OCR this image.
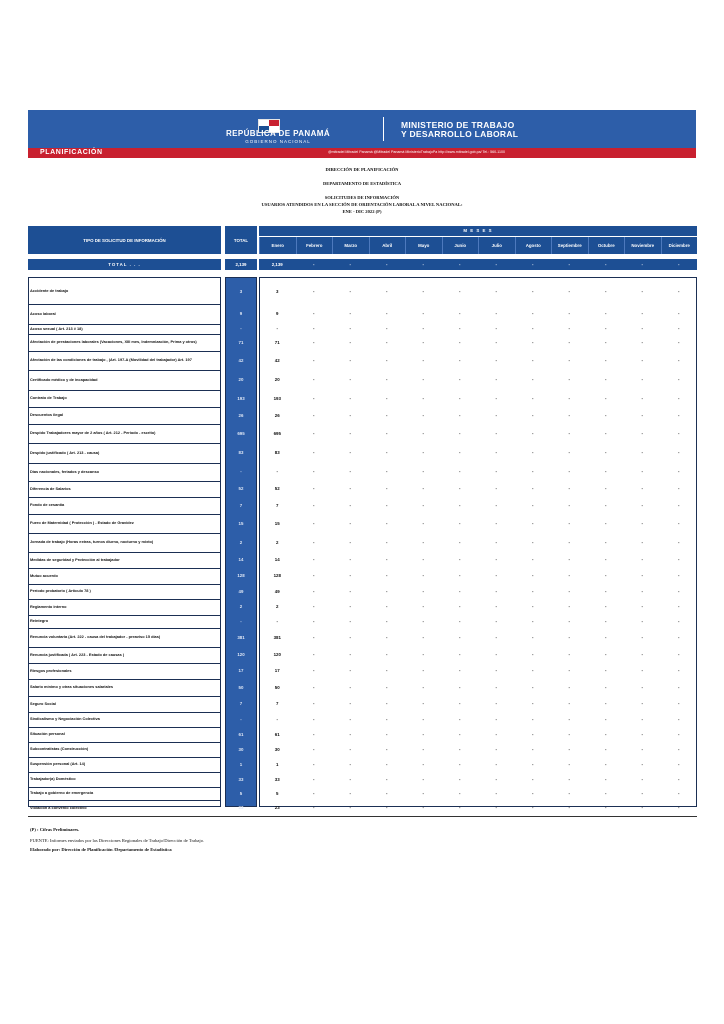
REPÚBLICA DE PANAMÁ
GOBIERNO NACIONAL
MINISTERIO DE TRABAJO
Y DESARROLLO LABORAL
PLANIFICACIÓN	@mitradel Mitradel Panamá @Mitradel Panamá MinisterioTrabajoPa http://www.mitradel.gob.pa/ Tel.: 560-1100
DIRECCIÓN DE PLANIFICACIÓN
DEPARTAMENTO DE ESTADÍSTICA
SOLICITUDES DE INFORMACIÓN
USUARIOS ATENDIDOS EN LA SECCIÓN DE ORIENTACIÓN LABORAL A NIVEL NACIONAL:
ENE - DIC 2022 (P)
TIPO DE SOLICITUD DE INFORMACIÓN	TOTAL
M E S E S
Enero	Febrero	Marzo	Abril	Mayo	Junio	Julio	Agosto	Septiembre	Octubre	Noviembre	Diciembre
TOTAL . . .	2,139	2,139	-	-	-	-	-	-	-	-	-	-	-
Accidente de trabajo	3	3	-	-	-	-	-	-	-	-	-	-	-
Acoso laboral	9	9	-	-	-	-	-	-	-	-	-	-	-
Acoso sexual ( Art. 213 # 18)	-	-	-	-	-	-	-	-	-	-	-	-	-
Afectación de prestaciones laborales (Vacaciones, XIII mes, Indemnización, Prima y otros)	71	71	-	-	-	-	-	-	-	-	-	-	-
Afectación de las condiciones de trabajo , (Art. 197-A (Movilidad del trabajador) Art. 197	42	42	-	-	-	-	-	-	-	-	-	-	-
Certificado médico y de incapacidad	20	20	-	-	-	-	-	-	-	-	-	-	-
Contrato de Trabajo	193	193	-	-	-	-	-	-	-	-	-	-	-
Descuentos ilegal	26	26	-	-	-	-	-	-	-	-	-	-	-
Despido Trabajadores mayor de 2 años ( Art. 212 - Periodo - escrito)	695	695	-	-	-	-	-	-	-	-	-	-	-
Despido justificado ( Art. 213 - causa)	83	83	-	-	-	-	-	-	-	-	-	-	-
Días nacionales, feriados y descanso	-	-	-	-	-	-	-	-	-	-	-	-	-
Diferencia de Salarios	52	52	-	-	-	-	-	-	-	-	-	-	-
Fondo de cesantía	7	7	-	-	-	-	-	-	-	-	-	-	-
Fuero de Maternidad ( Protección ) - Estado de Gravidez	15	15	-	-	-	-	-	-	-	-	-	-	-
Jornada de trabajo (Horas extras, turnos diurno, nocturno y mixto)	2	2	-	-	-	-	-	-	-	-	-	-	-
Medidas de seguridad y Protección al trabajador	14	14	-	-	-	-	-	-	-	-	-	-	-
Mutuo acuerdo	128	128	-	-	-	-	-	-	-	-	-	-	-
Período probatorio ( Artículo 78 )	49	49	-	-	-	-	-	-	-	-	-	-	-
Reglamento interno	2	2	-	-	-	-	-	-	-	-	-	-	-
Reintegro	-	-	-	-	-	-	-	-	-	-	-	-	-
Renuncia voluntaria (Art. 222 - causa del trabajador - preaviso 15 días)	381	381	-	-	-	-	-	-	-	-	-	-	-
Renuncia justificada ( Art. 223 - Estado de causas )	120	120	-	-	-	-	-	-	-	-	-	-	-
Riesgos profesionales	17	17	-	-	-	-	-	-	-	-	-	-	-
Salario mínimo y otras situaciones salariales	50	50	-	-	-	-	-	-	-	-	-	-	-
Seguro Social	7	7	-	-	-	-	-	-	-	-	-	-	-
Sindicalismo y Negociación Colectiva	-	-	-	-	-	-	-	-	-	-	-	-	-
Situación personal	61	61	-	-	-	-	-	-	-	-	-	-	-
Subcontratistas (Construcción)	30	30	-	-	-	-	-	-	-	-	-	-	-
Suspensión personal (Art. 14)	1	1	-	-	-	-	-	-	-	-	-	-	-
Trabajador(a) Doméstico	33	33	-	-	-	-	-	-	-	-	-	-	-
Trabajo a gobierno de emergencia	5	5	-	-	-	-	-	-	-	-	-	-	-
Violación a convenio colectivo	23	23	-	-	-	-	-	-	-	-	-	-	-
(P) : Cifras Preliminares.
FUENTE: Informes enviados por las Direcciones Regionales de Trabajo/Dirección de Trabajo.
Elaborado por: Dirección de Planificación /Departamento de Estadística
